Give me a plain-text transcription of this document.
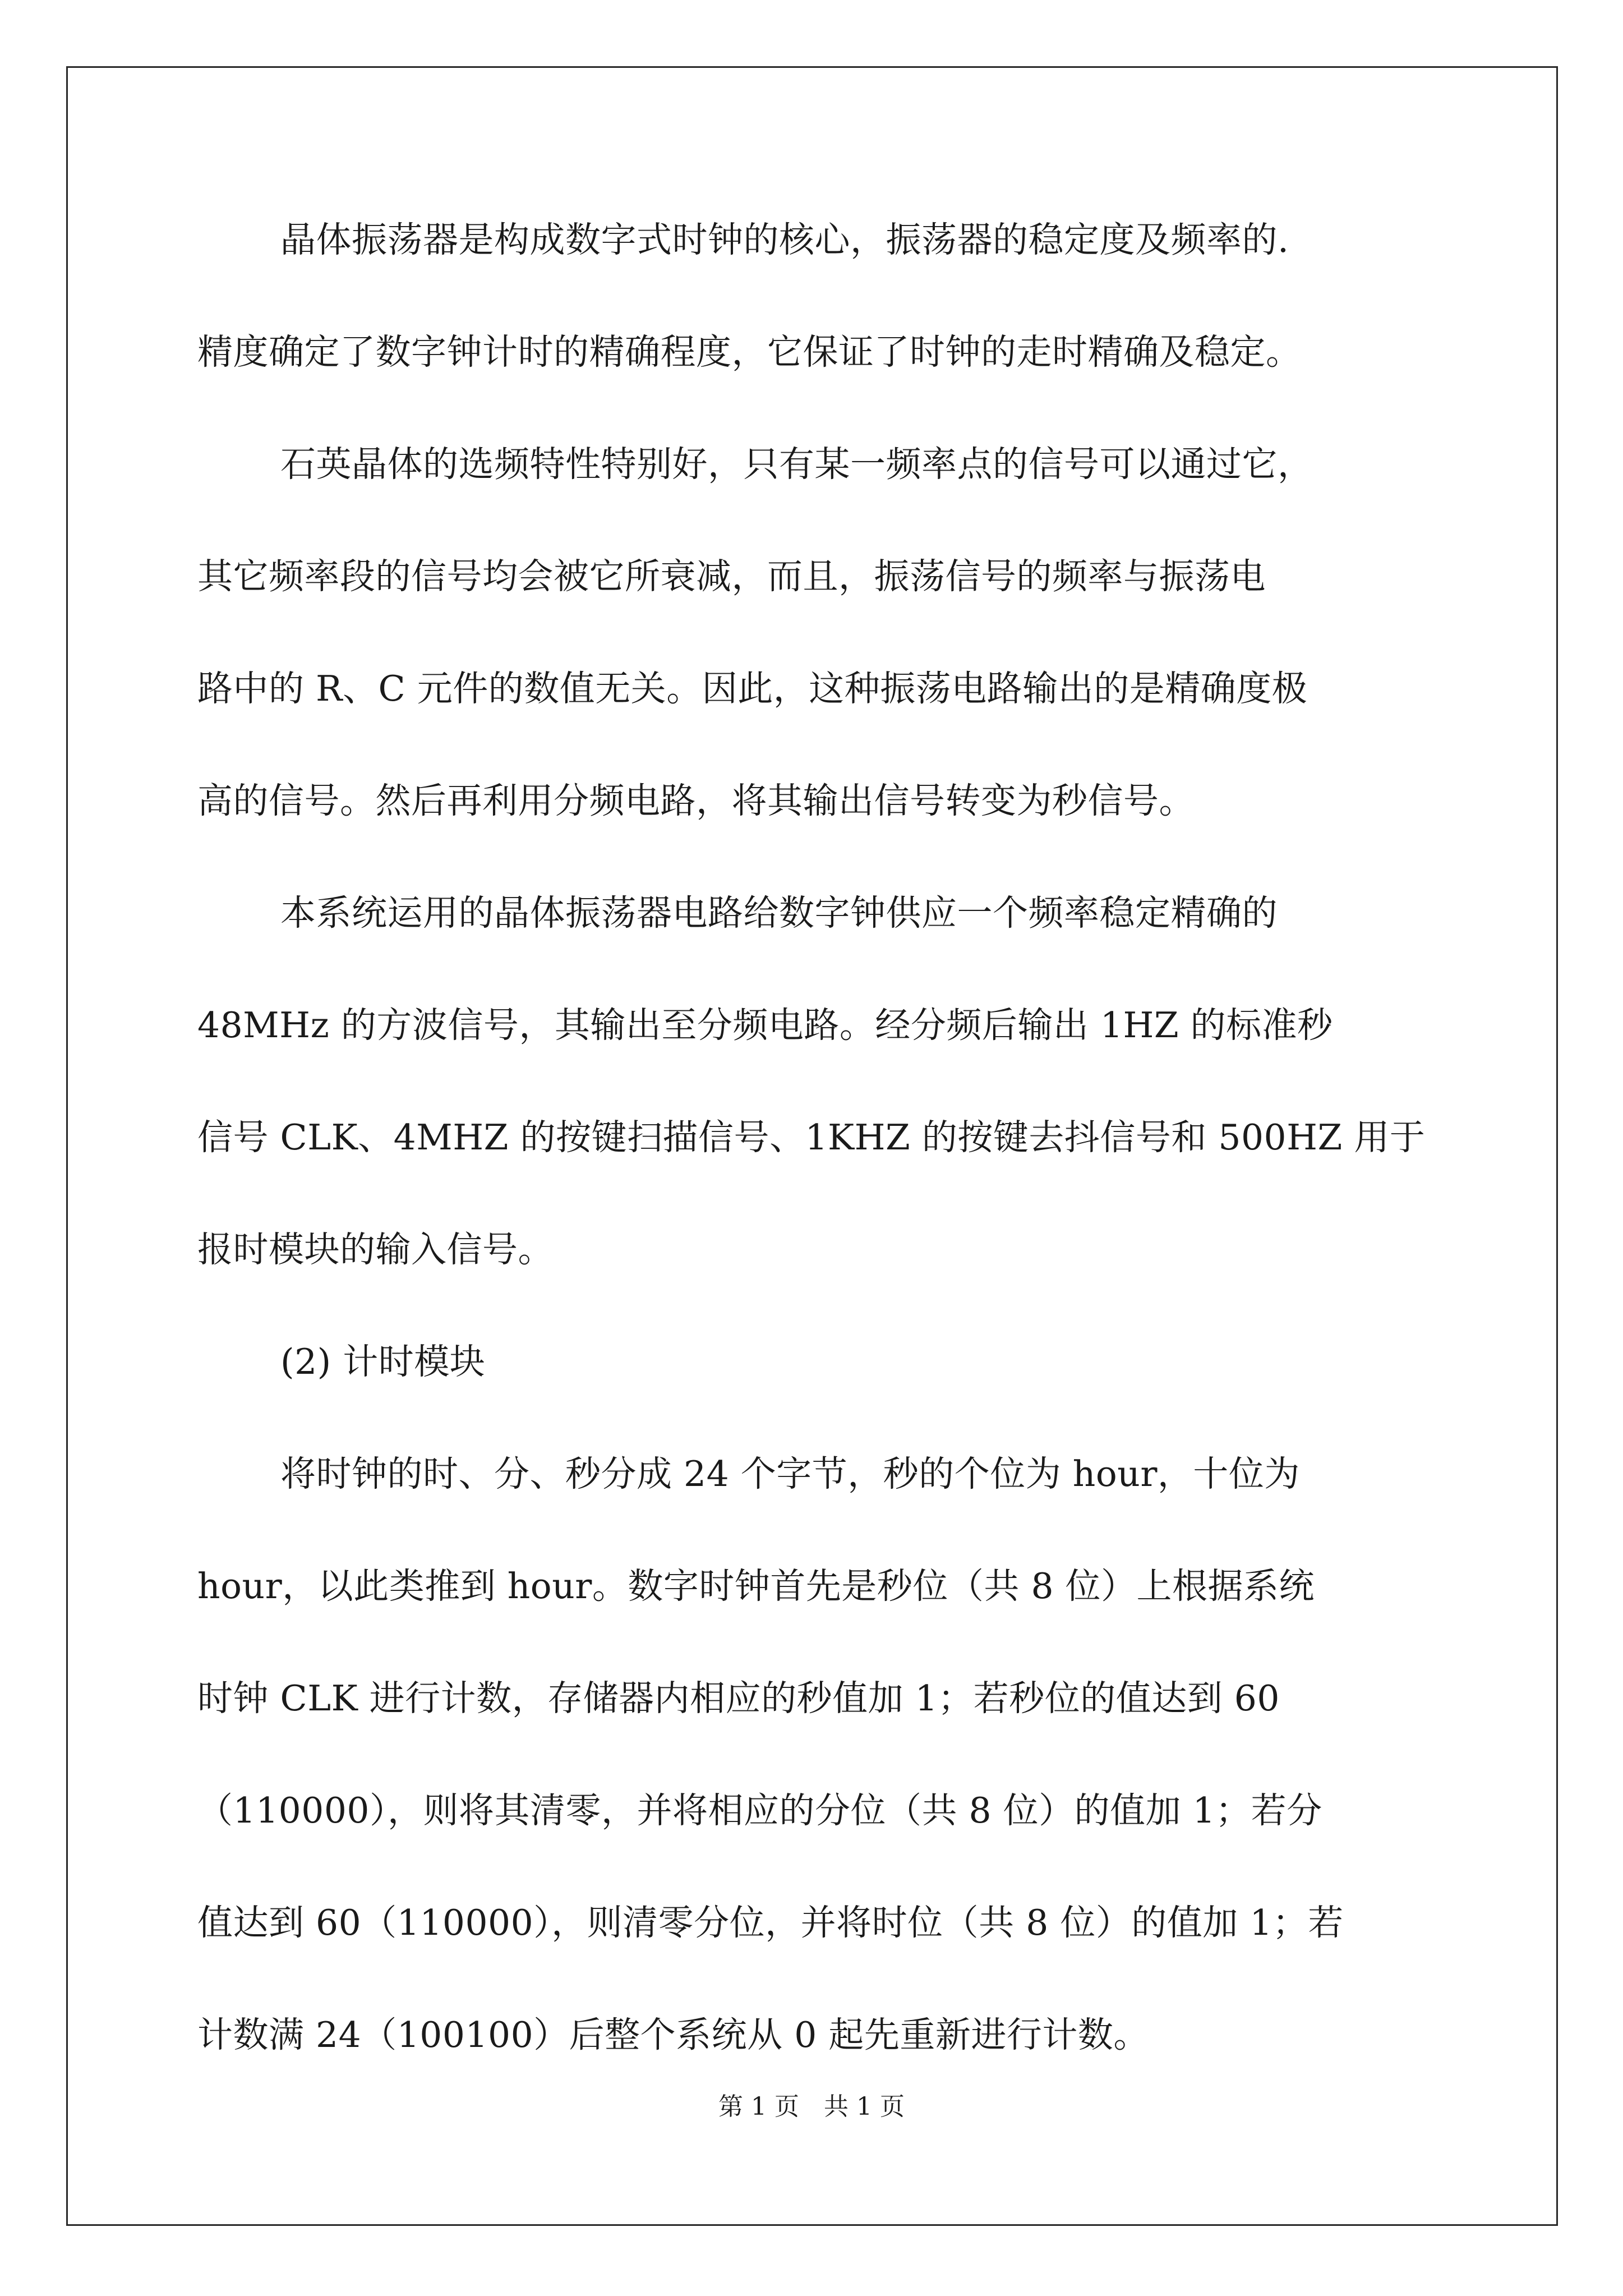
晶体振荡器是构成数字式时钟的核心，振荡器的稳定度及频率的.
精度确定了数字钟计时的精确程度，它保证了时钟的走时精确及稳定。
石英晶体的选频特性特别好，只有某一频率点的信号可以通过它，
其它频率段的信号均会被它所衰减，而且，振荡信号的频率与振荡电
路中的 R、C 元件的数值无关。因此，这种振荡电路输出的是精确度极
高的信号。然后再利用分频电路，将其输出信号转变为秒信号。
本系统运用的晶体振荡器电路给数字钟供应一个频率稳定精确的
48MHz 的方波信号，其输出至分频电路。经分频后输出 1HZ 的标准秒
信号 CLK、4MHZ 的按键扫描信号、1KHZ 的按键去抖信号和 500HZ 用于
报时模块的输入信号。
(2) 计时模块
将时钟的时、分、秒分成 24 个字节，秒的个位为 hour，十位为
hour，以此类推到 hour。数字时钟首先是秒位（共 8 位）上根据系统
时钟 CLK 进行计数，存储器内相应的秒值加 1；若秒位的值达到 60
（110000），则将其清零，并将相应的分位（共 8 位）的值加 1；若分
值达到 60（110000），则清零分位，并将时位（共 8 位）的值加 1；若
计数满 24（100100）后整个系统从 0 起先重新进行计数。
第 1 页　共 1 页
